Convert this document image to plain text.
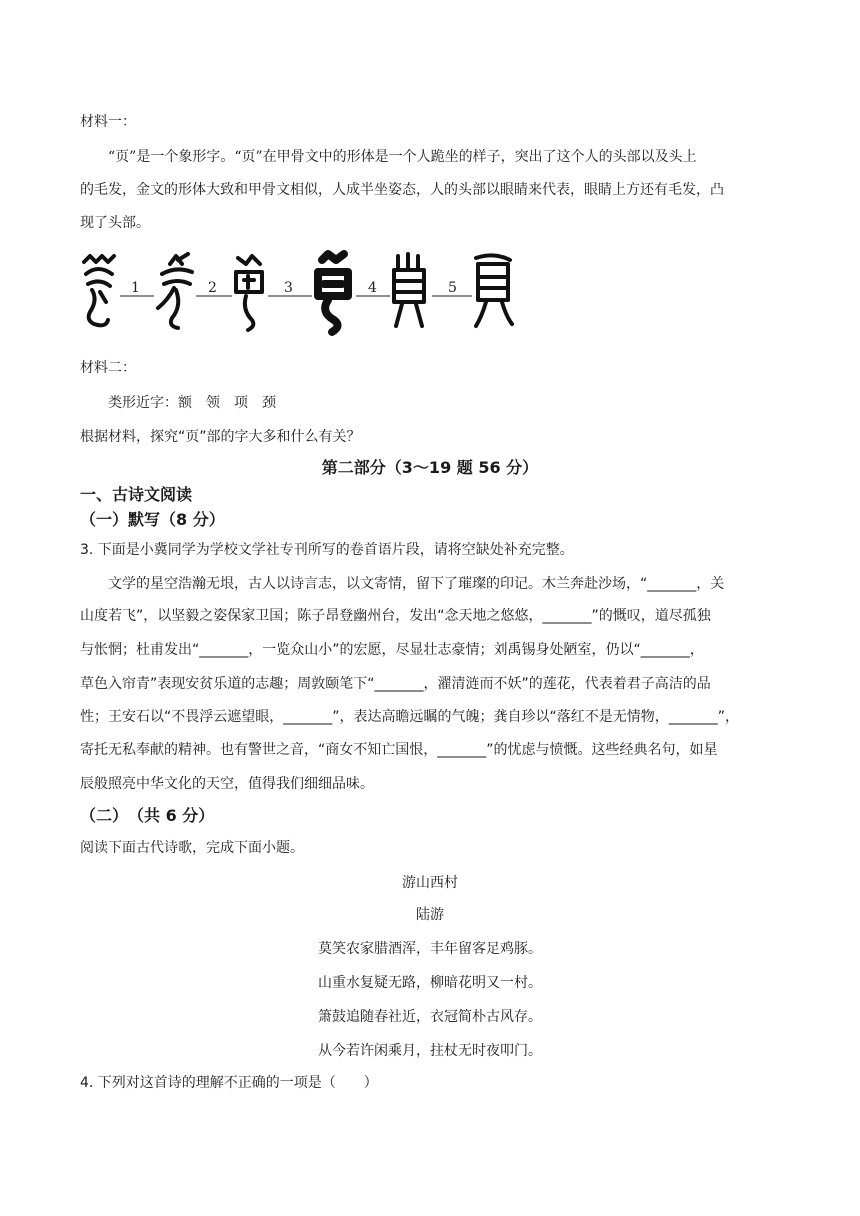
材料一：
“页”是一个象形字。“页”在甲骨文中的形体是一个人跪坐的样子，突出了这个人的头部以及头上
的毛发，金文的形体大致和甲骨文相似，人成半坐姿态，人的头部以眼睛来代表，眼睛上方还有毛发，凸
现了头部。
1	2	3	4	5
材料二：
类形近字：额　领　项　颈
根据材料，探究“页”部的字大多和什么有关？
第二部分（3～19 题 56 分）
一、古诗文阅读
（一）默写（8 分）
3. 下面是小冀同学为学校文学社专刊所写的卷首语片段，请将空缺处补充完整。
文学的星空浩瀚无垠，古人以诗言志，以文寄情，留下了璀璨的印记。木兰奔赴沙场，“_______，关
山度若飞”，以坚毅之姿保家卫国；陈子昂登幽州台，发出“念天地之悠悠，_______”的慨叹，道尽孤独
与怅惘；杜甫发出“_______，一览众山小”的宏愿，尽显壮志豪情；刘禹锡身处陋室，仍以“_______，
草色入帘青”表现安贫乐道的志趣；周敦颐笔下“_______，濯清涟而不妖”的莲花，代表着君子高洁的品
性；王安石以“不畏浮云遮望眼，_______”，表达高瞻远瞩的气魄；龚自珍以“落红不是无情物，_______”，
寄托无私奉献的精神。也有警世之音，“商女不知亡国恨，_______”的忧虑与愤慨。这些经典名句，如星
辰般照亮中华文化的天空，值得我们细细品味。
（二）　（共 6 分）
阅读下面古代诗歌，完成下面小题。
游山西村
陆游
莫笑农家腊酒浑，丰年留客足鸡豚。
山重水复疑无路，柳暗花明又一村。
箫鼓追随春社近，衣冠简朴古风存。
从今若许闲乘月，拄杖无时夜叩门。
4. 下列对这首诗的理解不正确的一项是（　　）
